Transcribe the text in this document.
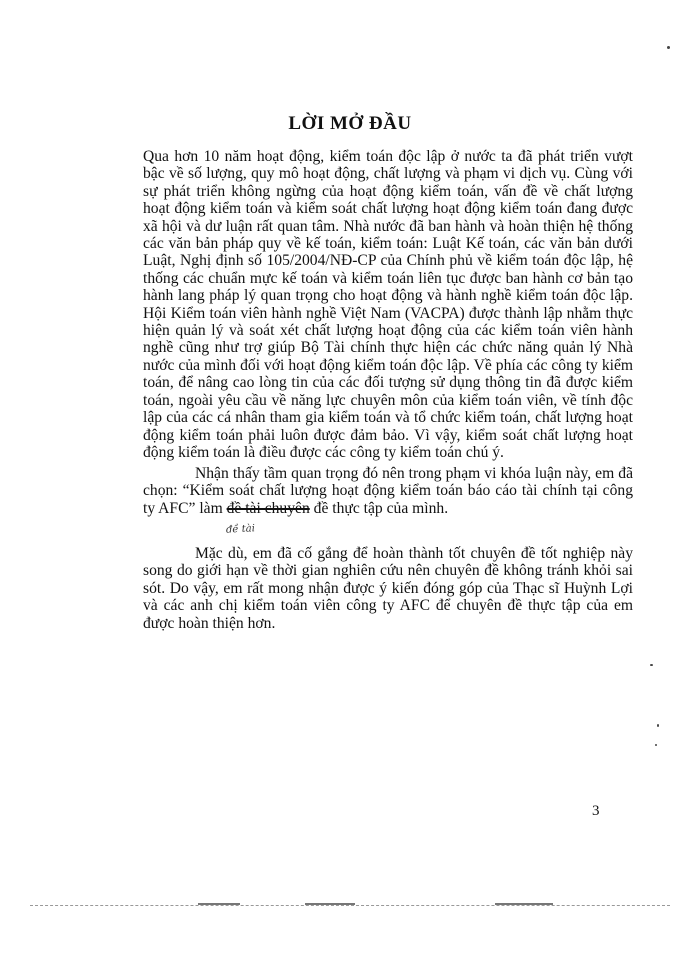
LỜI MỞ ĐẦU

Qua hơn 10 năm hoạt động, kiểm toán độc lập ở nước ta đã phát triển vượt bậc về số lượng, quy mô hoạt động, chất lượng và phạm vi dịch vụ. Cùng với sự phát triển không ngừng của hoạt động kiểm toán, vấn đề về chất lượng hoạt động kiểm toán và kiểm soát chất lượng hoạt động kiểm toán đang được xã hội và dư luận rất quan tâm. Nhà nước đã ban hành và hoàn thiện hệ thống các văn bản pháp quy về kế toán, kiểm toán: Luật Kế toán, các văn bản dưới Luật, Nghị định số 105/2004/NĐ-CP của Chính phủ về kiểm toán độc lập, hệ thống các chuẩn mực kế toán và kiểm toán liên tục được ban hành cơ bản tạo hành lang pháp lý quan trọng cho hoạt động và hành nghề kiểm toán độc lập. Hội Kiểm toán viên hành nghề Việt Nam (VACPA) được thành lập nhằm thực hiện quản lý và soát xét chất lượng hoạt động của các kiểm toán viên hành nghề cũng như trợ giúp Bộ Tài chính thực hiện các chức năng quản lý Nhà nước của mình đối với hoạt động kiểm toán độc lập. Về phía các công ty kiểm toán, để nâng cao lòng tin của các đối tượng sử dụng thông tin đã được kiểm toán, ngoài yêu cầu về năng lực chuyên môn của kiểm toán viên, về tính độc lập của các cá nhân tham gia kiểm toán và tổ chức kiểm toán, chất lượng hoạt động kiểm toán phải luôn được đảm bảo. Vì vậy, kiểm soát chất lượng hoạt động kiểm toán là điều được các công ty kiểm toán chú ý.

Nhận thấy tầm quan trọng đó nên trong phạm vi khóa luận này, em đã chọn: “Kiểm soát chất lượng hoạt động kiểm toán báo cáo tài chính tại công ty AFC” làm đề tài chuyên đề thực tập của mình.

đề tài

Mặc dù, em đã cố gắng để hoàn thành tốt chuyên đề tốt nghiệp này song do giới hạn về thời gian nghiên cứu nên chuyên đề không tránh khỏi sai sót. Do vậy, em rất mong nhận được ý kiến đóng góp của Thạc sĩ Huỳnh Lợi và các anh chị kiểm toán viên công ty AFC để chuyên đề thực tập của em được hoàn thiện hơn.

3
